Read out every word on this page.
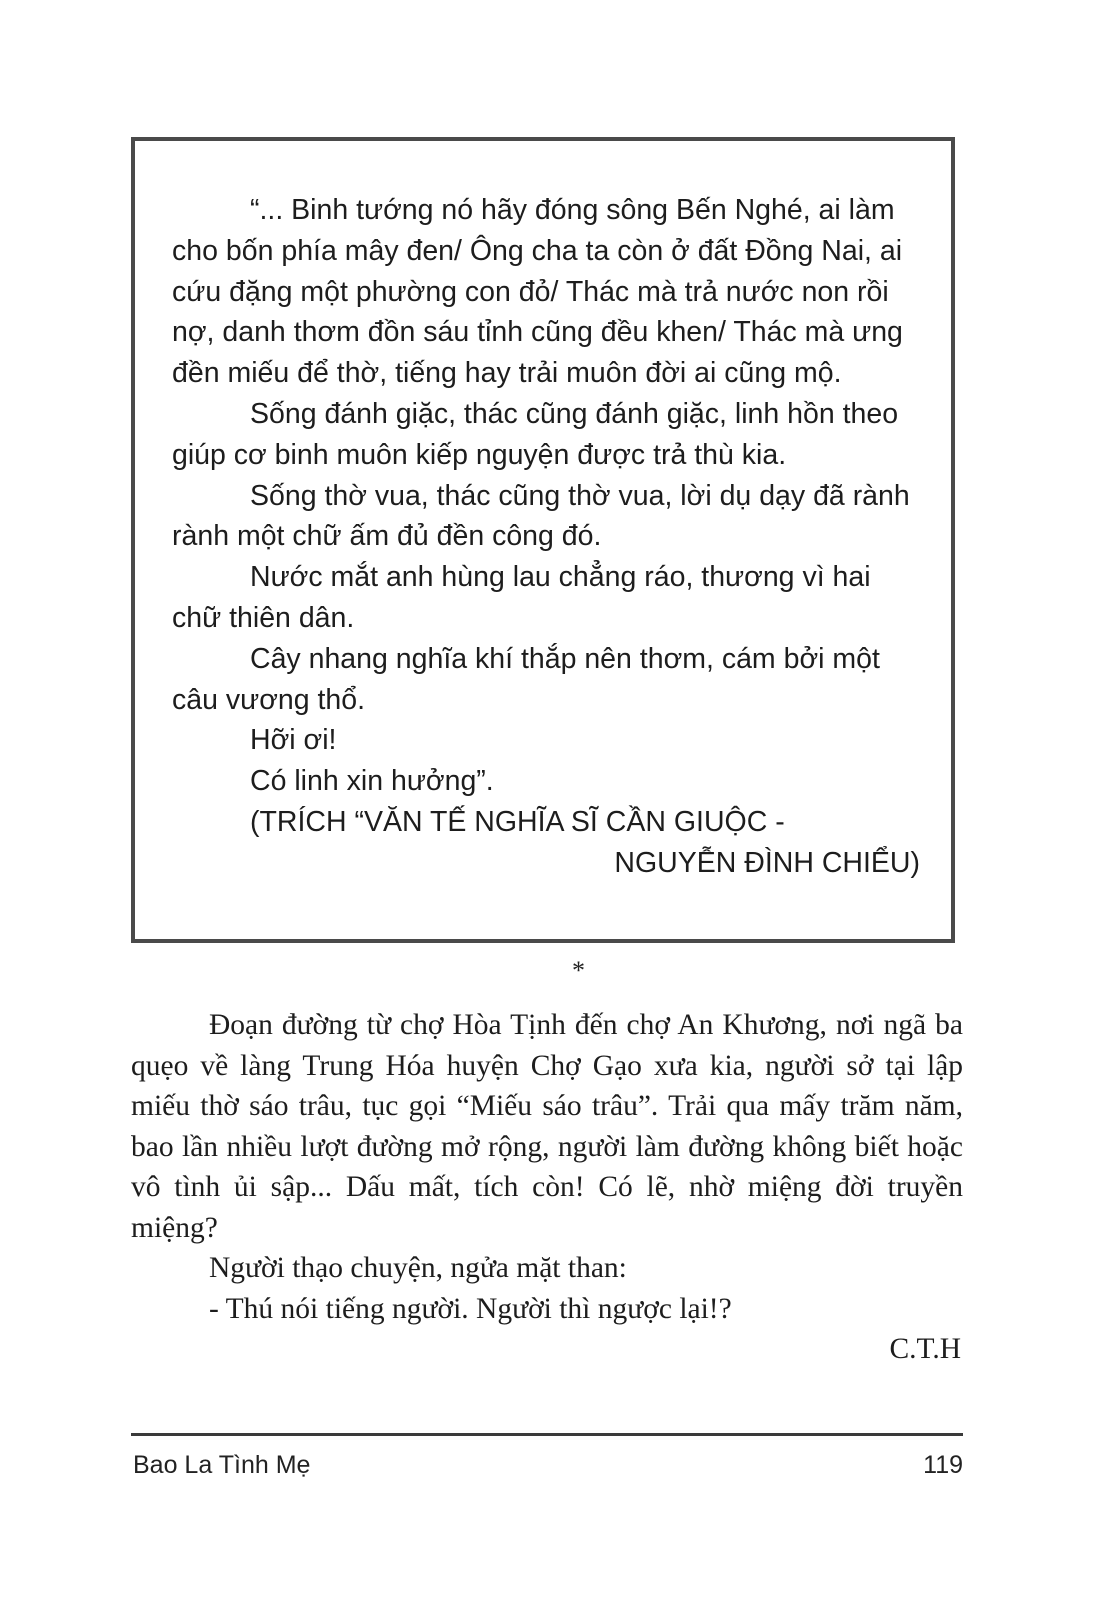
“... Binh tướng nó hãy đóng sông Bến Nghé, ai làm cho bốn phía mây đen/ Ông cha ta còn ở đất Đồng Nai, ai cứu đặng một phường con đỏ/ Thác mà trả nước non rồi nợ, danh thơm đồn sáu tỉnh cũng đều khen/ Thác mà ưng đền miếu để thờ, tiếng hay trải muôn đời ai cũng mộ.

Sống đánh giặc, thác cũng đánh giặc, linh hồn theo giúp cơ binh muôn kiếp nguyện được trả thù kia.

Sống thờ vua, thác cũng thờ vua, lời dụ dạy đã rành rành một chữ ấm đủ đền công đó.

Nước mắt anh hùng lau chẳng ráo, thương vì hai chữ thiên dân.

Cây nhang nghĩa khí thắp nên thơm, cám bởi một câu vương thổ.

Hỡi ơi!

Có linh xin hưởng”.

(TRÍCH “VĂN TẾ NGHĨA SĨ CẦN GIUỘC -

NGUYỄN ĐÌNH CHIỂU)

*

Đoạn đường từ chợ Hòa Tịnh đến chợ An Khương, nơi ngã ba quẹo về làng Trung Hóa huyện Chợ Gạo xưa kia, người sở tại lập miếu thờ sáo trâu, tục gọi “Miếu sáo trâu”. Trải qua mấy trăm năm, bao lần nhiều lượt đường mở rộng, người làm đường không biết hoặc vô tình ủi sập... Dấu mất, tích còn! Có lẽ, nhờ miệng đời truyền miệng?

Người thạo chuyện, ngửa mặt than:

- Thú nói tiếng người. Người thì ngược lại!?

C.T.H
Bao La Tình Mẹ	119
